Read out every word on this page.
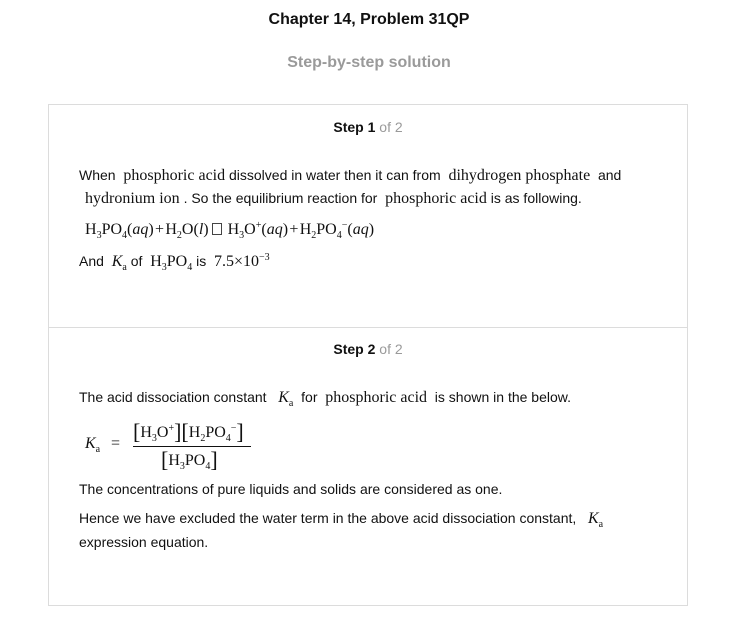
Chapter 14, Problem 31QP
Step-by-step solution
Step 1 of 2
When phosphoric acid dissolved in water then it can from dihydrogen phosphate and
hydronium ion . So the equilibrium reaction for phosphoric acid is as following.
$H_3PO_4(aq)$ + $H_2O(l)$ $H_3O^+(aq)$ + $H_2PO_4^-(aq)$
And $K_a$ of $H_3PO_4$ is $7.5\times 10^{-3}$
Step 2 of 2
The acid dissociation constant $K_a$ for phosphoric acid is shown in the below.
$K_a = [H_3O^+][H_2PO_4^-]$
$[H_3PO_4]$
The concentrations of pure liquids and solids are considered as one.
Hence we have excluded the water term in the above acid dissociation constant, $K_a$
expression equation.
